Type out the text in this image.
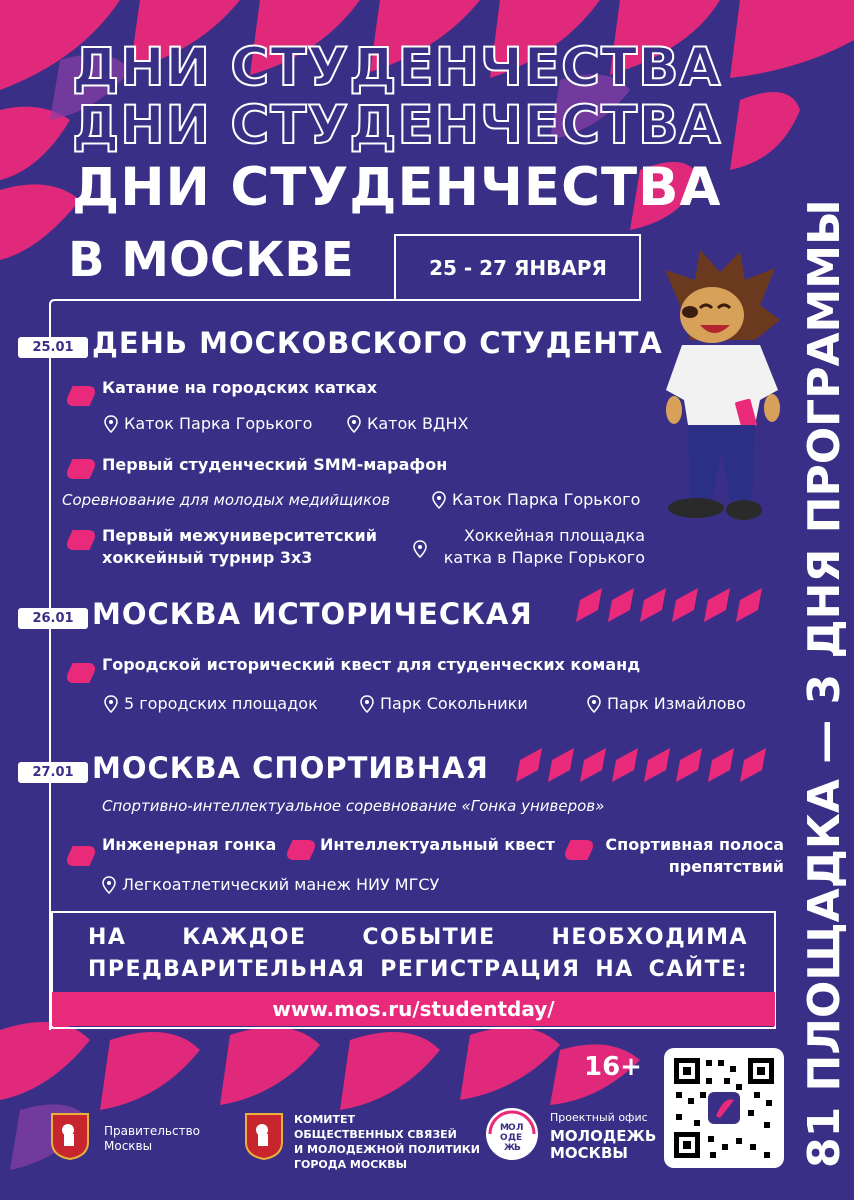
ДНИ СТУДЕНЧЕСТВА
ДНИ СТУДЕНЧЕСТВА
ДНИ СТУДЕНЧЕСТВА
В МОСКВЕ	25 - 27 ЯНВАРЯ	81 ПЛОЩАДКА — 3 ДНЯ ПРОГРАММЫ
25.01 ДЕНЬ МОСКОВСКОГО СТУДЕНТА
Катание на городских катках
Каток Парка Горького	Каток ВДНХ
Первый студенческий SMM-марафон
Соревнование для молодых медийщиков	Каток Парка Горького
Первый межуниверситетский
хоккейный турнир 3х3
Хоккейная площадка
катка в Парке Горького
26.01 МОСКВА ИСТОРИЧЕСКАЯ
Городской исторический квест для студенческих команд
5 городских площадок	Парк Сокольники	Парк Измайлово
27.01 МОСКВА СПОРТИВНАЯ
Спортивно-интеллектуальное соревнование «Гонка универов»
Инженерная гонка	Интеллектуальный квест	Спортивная полоса
препятствий
Легкоатлетический манеж НИУ МГСУ
НА КАЖДОЕ СОБЫТИЕ НЕОБХОДИМА
ПРЕДВАРИТЕЛЬНАЯ РЕГИСТРАЦИЯ НА САЙТЕ:
www.mos.ru/studentday/
16+
Правительство
Москвы
КОМИТЕТ
ОБЩЕСТВЕННЫХ СВЯЗЕЙ
И МОЛОДЕЖНОЙ ПОЛИТИКИ
ГОРОДА МОСКВЫ
М О Л
О Д Е
Ж
Ь
Проектный офис
МОЛОДЕЖЬ
МОСКВЫ
